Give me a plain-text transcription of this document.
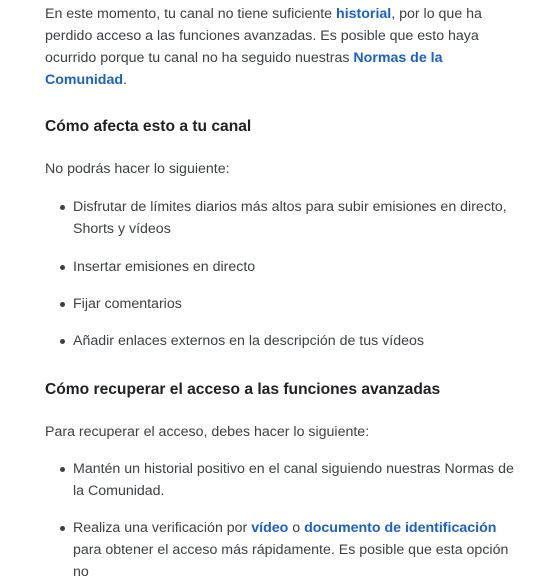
En este momento, tu canal no tiene suficiente historial, por lo que ha perdido acceso a las funciones avanzadas. Es posible que esto haya ocurrido porque tu canal no ha seguido nuestras Normas de la Comunidad.

Cómo afecta esto a tu canal

No podrás hacer lo siguiente:

Disfrutar de límites diarios más altos para subir emisiones en directo, Shorts y vídeos
Insertar emisiones en directo
Fijar comentarios
Añadir enlaces externos en la descripción de tus vídeos
Cómo recuperar el acceso a las funciones avanzadas

Para recuperar el acceso, debes hacer lo siguiente:

Mantén un historial positivo en el canal siguiendo nuestras Normas de la Comunidad.
Realiza una verificación por vídeo o documento de identificación para obtener el acceso más rápidamente. Es posible que esta opción no
